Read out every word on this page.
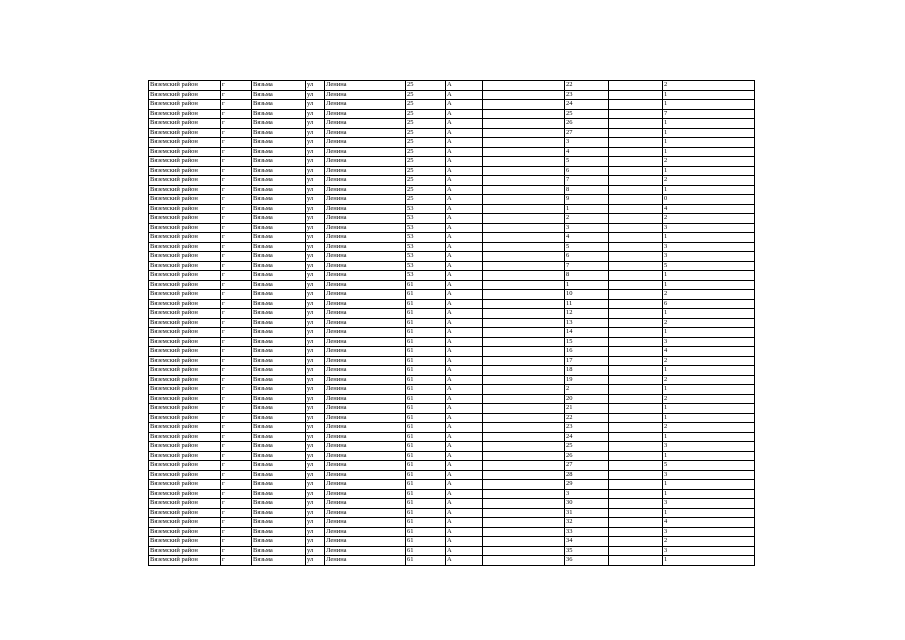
Вяземский район	г	Вязьма	ул	Ленина	25	А		22		2
Вяземский район	г	Вязьма	ул	Ленина	25	А		23		1
Вяземский район	г	Вязьма	ул	Ленина	25	А		24		1
Вяземский район	г	Вязьма	ул	Ленина	25	А		25		7
Вяземский район	г	Вязьма	ул	Ленина	25	А		26		1
Вяземский район	г	Вязьма	ул	Ленина	25	А		27		1
Вяземский район	г	Вязьма	ул	Ленина	25	А		3		1
Вяземский район	г	Вязьма	ул	Ленина	25	А		4		1
Вяземский район	г	Вязьма	ул	Ленина	25	А		5		2
Вяземский район	г	Вязьма	ул	Ленина	25	А		6		1
Вяземский район	г	Вязьма	ул	Ленина	25	А		7		2
Вяземский район	г	Вязьма	ул	Ленина	25	А		8		1
Вяземский район	г	Вязьма	ул	Ленина	25	А		9		0
Вяземский район	г	Вязьма	ул	Ленина	53	А		1		4
Вяземский район	г	Вязьма	ул	Ленина	53	А		2		2
Вяземский район	г	Вязьма	ул	Ленина	53	А		3		3
Вяземский район	г	Вязьма	ул	Ленина	53	А		4		1
Вяземский район	г	Вязьма	ул	Ленина	53	А		5		3
Вяземский район	г	Вязьма	ул	Ленина	53	А		6		3
Вяземский район	г	Вязьма	ул	Ленина	53	А		7		5
Вяземский район	г	Вязьма	ул	Ленина	53	А		8		1
Вяземский район	г	Вязьма	ул	Ленина	61	А		1		1
Вяземский район	г	Вязьма	ул	Ленина	61	А		10		2
Вяземский район	г	Вязьма	ул	Ленина	61	А		11		6
Вяземский район	г	Вязьма	ул	Ленина	61	А		12		1
Вяземский район	г	Вязьма	ул	Ленина	61	А		13		2
Вяземский район	г	Вязьма	ул	Ленина	61	А		14		1
Вяземский район	г	Вязьма	ул	Ленина	61	А		15		3
Вяземский район	г	Вязьма	ул	Ленина	61	А		16		4
Вяземский район	г	Вязьма	ул	Ленина	61	А		17		2
Вяземский район	г	Вязьма	ул	Ленина	61	А		18		1
Вяземский район	г	Вязьма	ул	Ленина	61	А		19		2
Вяземский район	г	Вязьма	ул	Ленина	61	А		2		1
Вяземский район	г	Вязьма	ул	Ленина	61	А		20		2
Вяземский район	г	Вязьма	ул	Ленина	61	А		21		1
Вяземский район	г	Вязьма	ул	Ленина	61	А		22		1
Вяземский район	г	Вязьма	ул	Ленина	61	А		23		2
Вяземский район	г	Вязьма	ул	Ленина	61	А		24		1
Вяземский район	г	Вязьма	ул	Ленина	61	А		25		3
Вяземский район	г	Вязьма	ул	Ленина	61	А		26		1
Вяземский район	г	Вязьма	ул	Ленина	61	А		27		5
Вяземский район	г	Вязьма	ул	Ленина	61	А		28		3
Вяземский район	г	Вязьма	ул	Ленина	61	А		29		1
Вяземский район	г	Вязьма	ул	Ленина	61	А		3		1
Вяземский район	г	Вязьма	ул	Ленина	61	А		30		3
Вяземский район	г	Вязьма	ул	Ленина	61	А		31		1
Вяземский район	г	Вязьма	ул	Ленина	61	А		32		4
Вяземский район	г	Вязьма	ул	Ленина	61	А		33		3
Вяземский район	г	Вязьма	ул	Ленина	61	А		34		2
Вяземский район	г	Вязьма	ул	Ленина	61	А		35		3
Вяземский район	г	Вязьма	ул	Ленина	61	А		36		1
